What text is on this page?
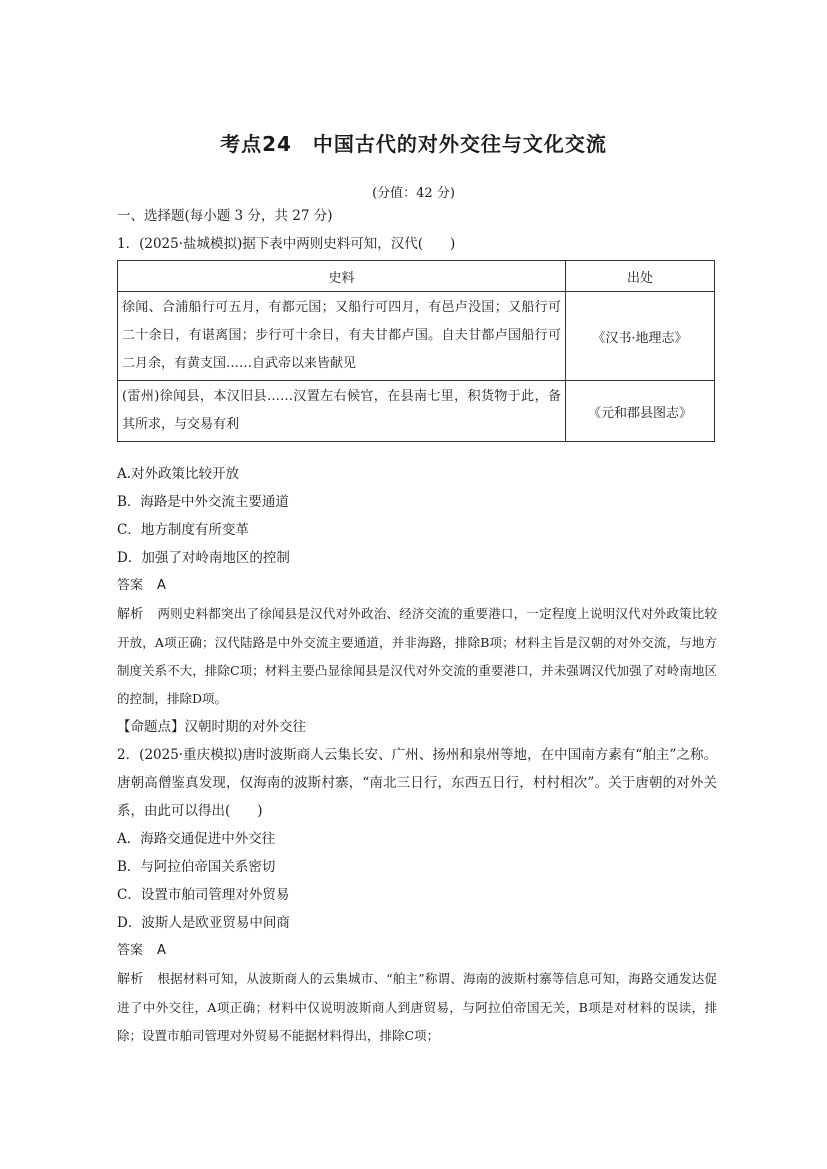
考点24　中国古代的对外交往与文化交流
(分值：42 分)
一、选择题(每小题 3 分，共 27 分)
1．(2025·盐城模拟)据下表中两则史料可知，汉代(　　)
史料	出处
徐闻、合浦船行可五月，有都元国；又船行可四月，有邑卢没国；又船行可二十余日，有谌离国；步行可十余日，有夫甘都卢国。自夫甘都卢国船行可二月余，有黄支国……自武帝以来皆献见	《汉书·地理志》
(雷州)徐闻县，本汉旧县……汉置左右候官，在县南七里，积货物于此，备其所求，与交易有利	《元和郡县图志》
A.对外政策比较开放
B．海路是中外交流主要通道
C．地方制度有所变革
D．加强了对岭南地区的控制
答案 A
解析 两则史料都突出了徐闻县是汉代对外政治、经济交流的重要港口，一定程度上说明汉代对外政策比较开放，A项正确；汉代陆路是中外交流主要通道，并非海路，排除B项；材料主旨是汉朝的对外交流，与地方制度关系不大，排除C项；材料主要凸显徐闻县是汉代对外交流的重要港口，并未强调汉代加强了对岭南地区的控制，排除D项。
【命题点】汉朝时期的对外交往
2．(2025·重庆模拟)唐时波斯商人云集长安、广州、扬州和泉州等地，在中国南方素有“舶主”之称。唐朝高僧鉴真发现，仅海南的波斯村寨，“南北三日行，东西五日行，村村相次”。关于唐朝的对外关系，由此可以得出(　　)
A．海路交通促进中外交往
B．与阿拉伯帝国关系密切
C．设置市舶司管理对外贸易
D．波斯人是欧亚贸易中间商
答案 A
解析 根据材料可知，从波斯商人的云集城市、“舶主”称谓、海南的波斯村寨等信息可知，海路交通发达促进了中外交往，A项正确；材料中仅说明波斯商人到唐贸易，与阿拉伯帝国无关，B项是对材料的误读，排除；设置市舶司管理对外贸易不能据材料得出，排除C项；
